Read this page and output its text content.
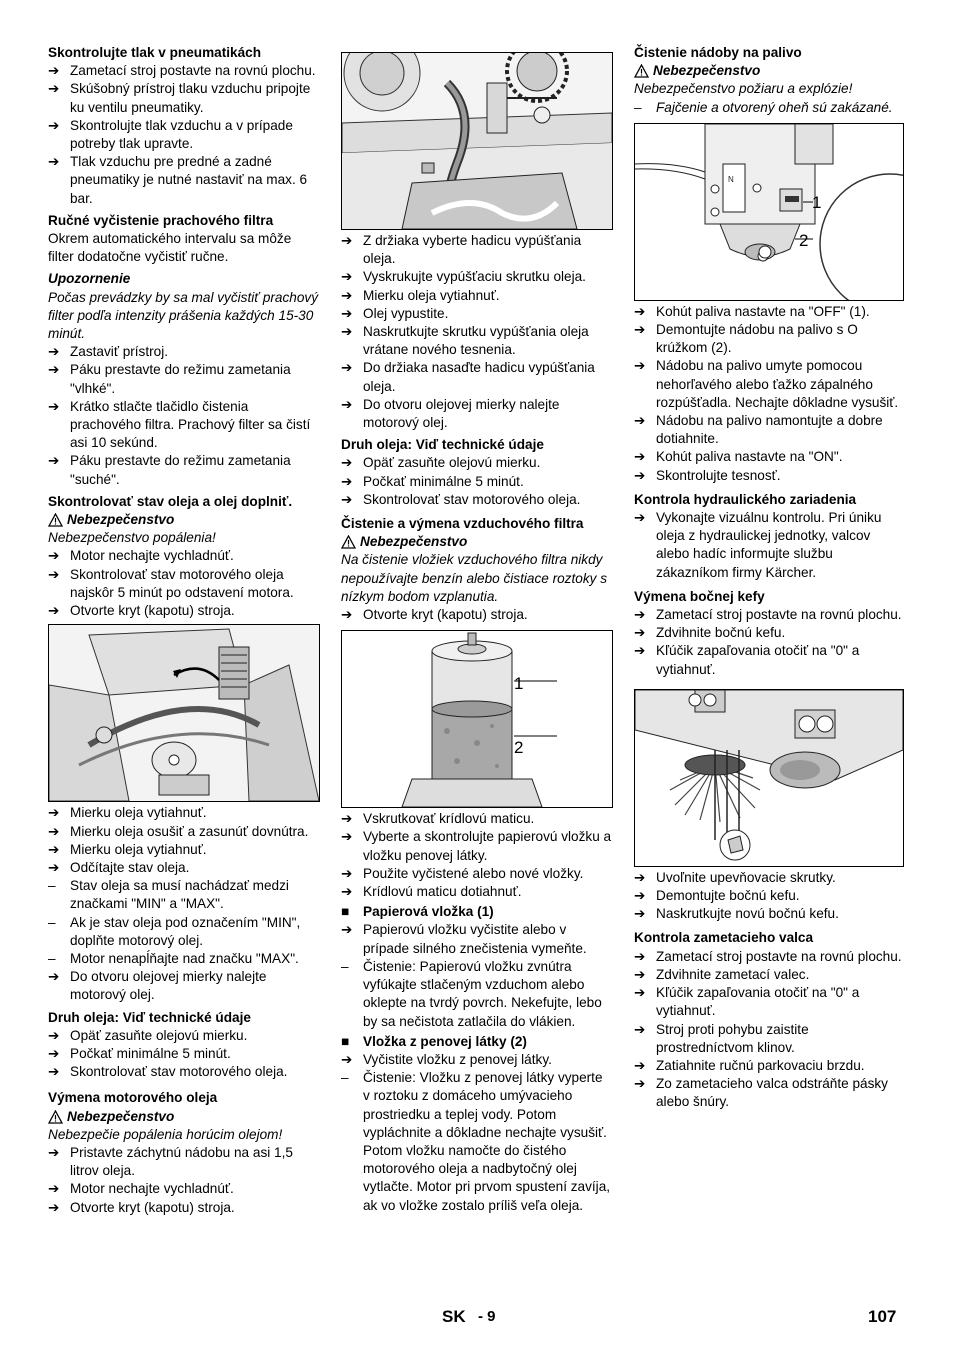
Skontrolujte tlak v pneumatikách
➔ Zametací stroj postavte na rovnú plochu.
➔ Skúšobný prístroj tlaku vzduchu pripojte ku ventilu pneumatiky.
➔ Skontrolujte tlak vzduchu a v prípade potreby tlak upravte.
➔ Tlak vzduchu pre predné a zadné pneumatiky je nutné nastaviť na max. 6 bar.
Ručné vyčistenie prachového filtra
Okrem automatického intervalu sa môže filter dodatočne vyčistiť ručne.
Upozornenie
Počas prevádzky by sa mal vyčistiť prachový filter podľa intenzity prášenia každých 15-30 minút.
➔ Zastaviť prístroj.
➔ Páku prestavte do režimu zametania "vlhké".
➔ Krátko stlačte tlačidlo čistenia prachového filtra. Prachový filter sa čistí asi 10 sekúnd.
➔ Páku prestavte do režimu zametania "suché".
Skontrolovať stav oleja a olej doplniť.
Nebezpečenstvo
Nebezpečenstvo popálenia!
➔ Motor nechajte vychladnúť.
➔ Skontrolovať stav motorového oleja najskôr 5 minút po odstavení motora.
➔ Otvorte kryt (kapotu) stroja.
➔ Mierku oleja vytiahnuť.
➔ Mierku oleja osušiť a zasunúť dovnútra.
➔ Mierku oleja vytiahnuť.
➔ Odčítajte stav oleja.
–	Stav oleja sa musí nachádzať medzi značkami "MIN" a "MAX".
–	Ak je stav oleja pod označením "MIN", doplňte motorový olej.
–	Motor nenapĺňajte nad značku "MAX".
➔ Do otvoru olejovej mierky nalejte motorový olej.
Druh oleja: Viď technické údaje
➔ Opäť zasuňte olejovú mierku.
➔ Počkať minimálne 5 minút.
➔ Skontrolovať stav motorového oleja.
Výmena motorového oleja
Nebezpečenstvo
Nebezpečie popálenia horúcim olejom!
➔ Pristavte záchytnú nádobu na asi 1,5 litrov oleja.
➔ Motor nechajte vychladnúť.
➔ Otvorte kryt (kapotu) stroja.
➔ Z držiaka vyberte hadicu vypúšťania oleja.
➔ Vyskrukujte vypúšťaciu skrutku oleja.
➔ Mierku oleja vytiahnuť.
➔ Olej vypustite.
➔ Naskrutkujte skrutku vypúšťania oleja vrátane nového tesnenia.
➔ Do držiaka nasaďte hadicu vypúšťania oleja.
➔ Do otvoru olejovej mierky nalejte motorový olej.
Druh oleja: Viď technické údaje
➔ Opäť zasuňte olejovú mierku.
➔ Počkať minimálne 5 minút.
➔ Skontrolovať stav motorového oleja.
Čistenie a výmena vzduchového filtra
Nebezpečenstvo
Na čistenie vložiek vzduchového filtra nikdy nepoužívajte benzín alebo čistiace roztoky s nízkym bodom vzplanutia.
➔ Otvorte kryt (kapotu) stroja.
1
2
➔ Vskrutkovať krídlovú maticu.
➔ Vyberte a skontrolujte papierovú vložku a vložku penovej látky.
➔ Použite vyčistené alebo nové vložky.
➔ Krídlovú maticu dotiahnuť.
■	Papierová vložka (1)
➔ Papierovú vložku vyčistite alebo v prípade silného znečistenia vymeňte.
–	Čistenie: Papierovú vložku zvnútra vyfúkajte stlačeným vzduchom alebo oklepte na tvrdý povrch. Nekefujte, lebo by sa nečistota zatlačila do vlákien.
■	Vložka z penovej látky (2)
➔ Vyčistite vložku z penovej látky.
–	Čistenie: Vložku z penovej látky vyperte v roztoku z domáceho umývacieho prostriedku a teplej vody. Potom vypláchnite a dôkladne nechajte vysušiť. Potom vložku namočte do čistého motorového oleja a nadbytočný olej vytlačte. Motor pri prvom spustení zavíja, ak vo vložke zostalo príliš veľa oleja.
Čistenie nádoby na palivo
Nebezpečenstvo
Nebezpečenstvo požiaru a explózie!
–	Fajčenie a otvorený oheň sú zakázané.
N
1
2
➔ Kohút paliva nastavte na "OFF" (1).
➔ Demontujte nádobu na palivo s O krúžkom (2).
➔ Nádobu na palivo umyte pomocou nehorľavého alebo ťažko zápalného rozpúšťadla. Nechajte dôkladne vysušiť.
➔ Nádobu na palivo namontujte a dobre dotiahnite.
➔ Kohút paliva nastavte na "ON".
➔ Skontrolujte tesnosť.
Kontrola hydraulického zariadenia
➔ Vykonajte vizuálnu kontrolu. Pri úniku oleja z hydraulickej jednotky, valcov alebo hadíc informujte službu zákazníkom firmy Kärcher.
Výmena bočnej kefy
➔ Zametací stroj postavte na rovnú plochu.
➔ Zdvihnite bočnú kefu.
➔ Kľúčik zapaľovania otočiť na "0" a vytiahnuť.
➔ Uvoľnite upevňovacie skrutky.
➔ Demontujte bočnú kefu.
➔ Naskrutkujte novú bočnú kefu.
Kontrola zametacieho valca
➔ Zametací stroj postavte na rovnú plochu.
➔ Zdvihnite zametací valec.
➔ Kľúčik zapaľovania otočiť na "0" a vytiahnuť.
➔ Stroj proti pohybu zaistite prostredníctvom klinov.
➔ Zatiahnite ručnú parkovaciu brzdu.
➔ Zo zametacieho valca odstráňte pásky alebo šnúry.
SK - 9	107
